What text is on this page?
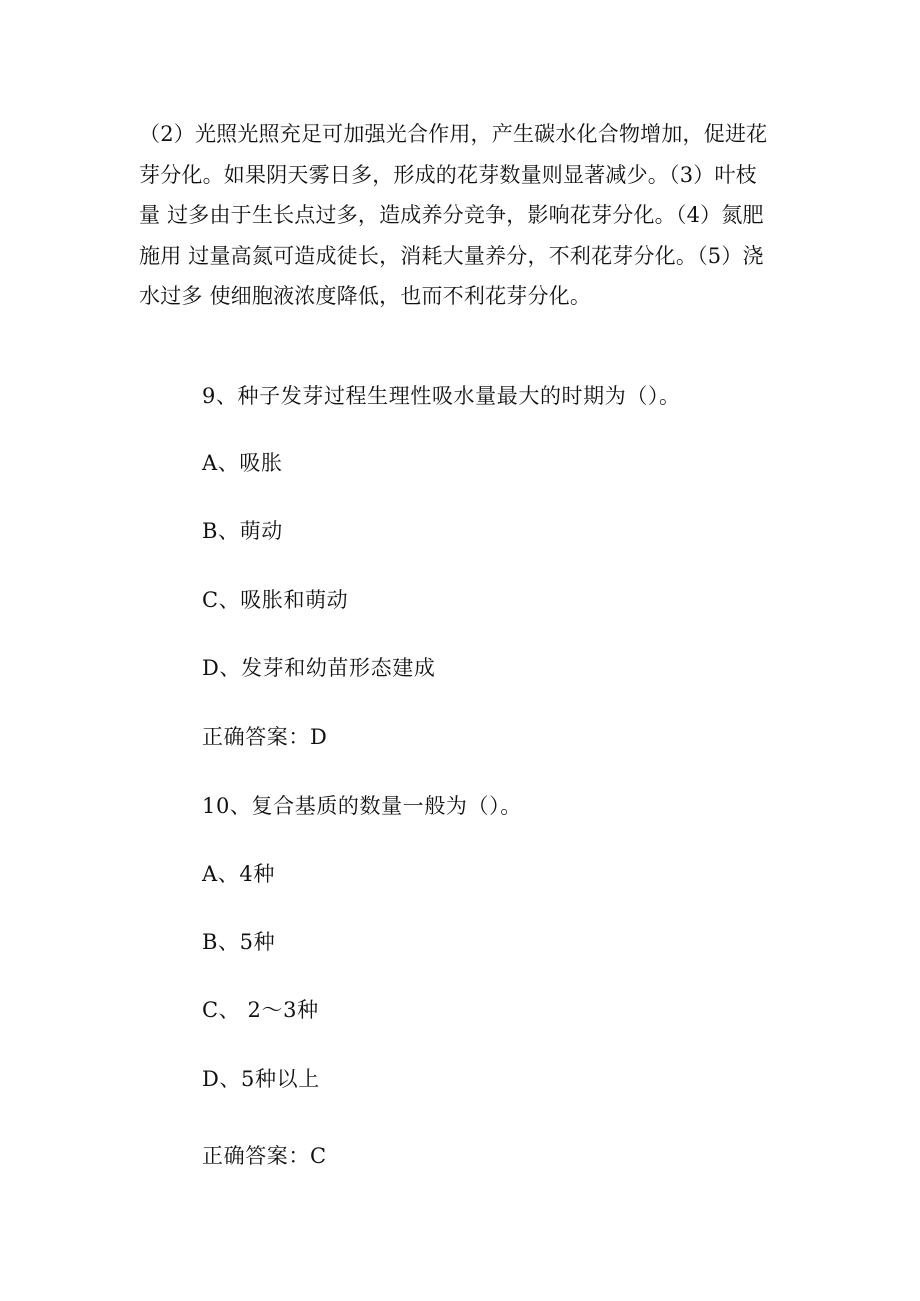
（2）光照光照充足可加强光合作用，产生碳水化合物增加，促进花
芽分化。如果阴天雾日多，形成的花芽数量则显著减少。（3）叶枝
量 过多由于生长点过多，造成养分竞争，影响花芽分化。（4）氮肥
施用 过量高氮可造成徒长，消耗大量养分，不利花芽分化。（5）浇
水过多 使细胞液浓度降低，也而不利花芽分化。
9、种子发芽过程生理性吸水量最大的时期为（）。
A、吸胀
B、萌动
C、吸胀和萌动
D、发芽和幼苗形态建成
正确答案：D
10、复合基质的数量一般为（）。
A、4种
B、5种
C、 2～3种
D、5种以上
正确答案：C
